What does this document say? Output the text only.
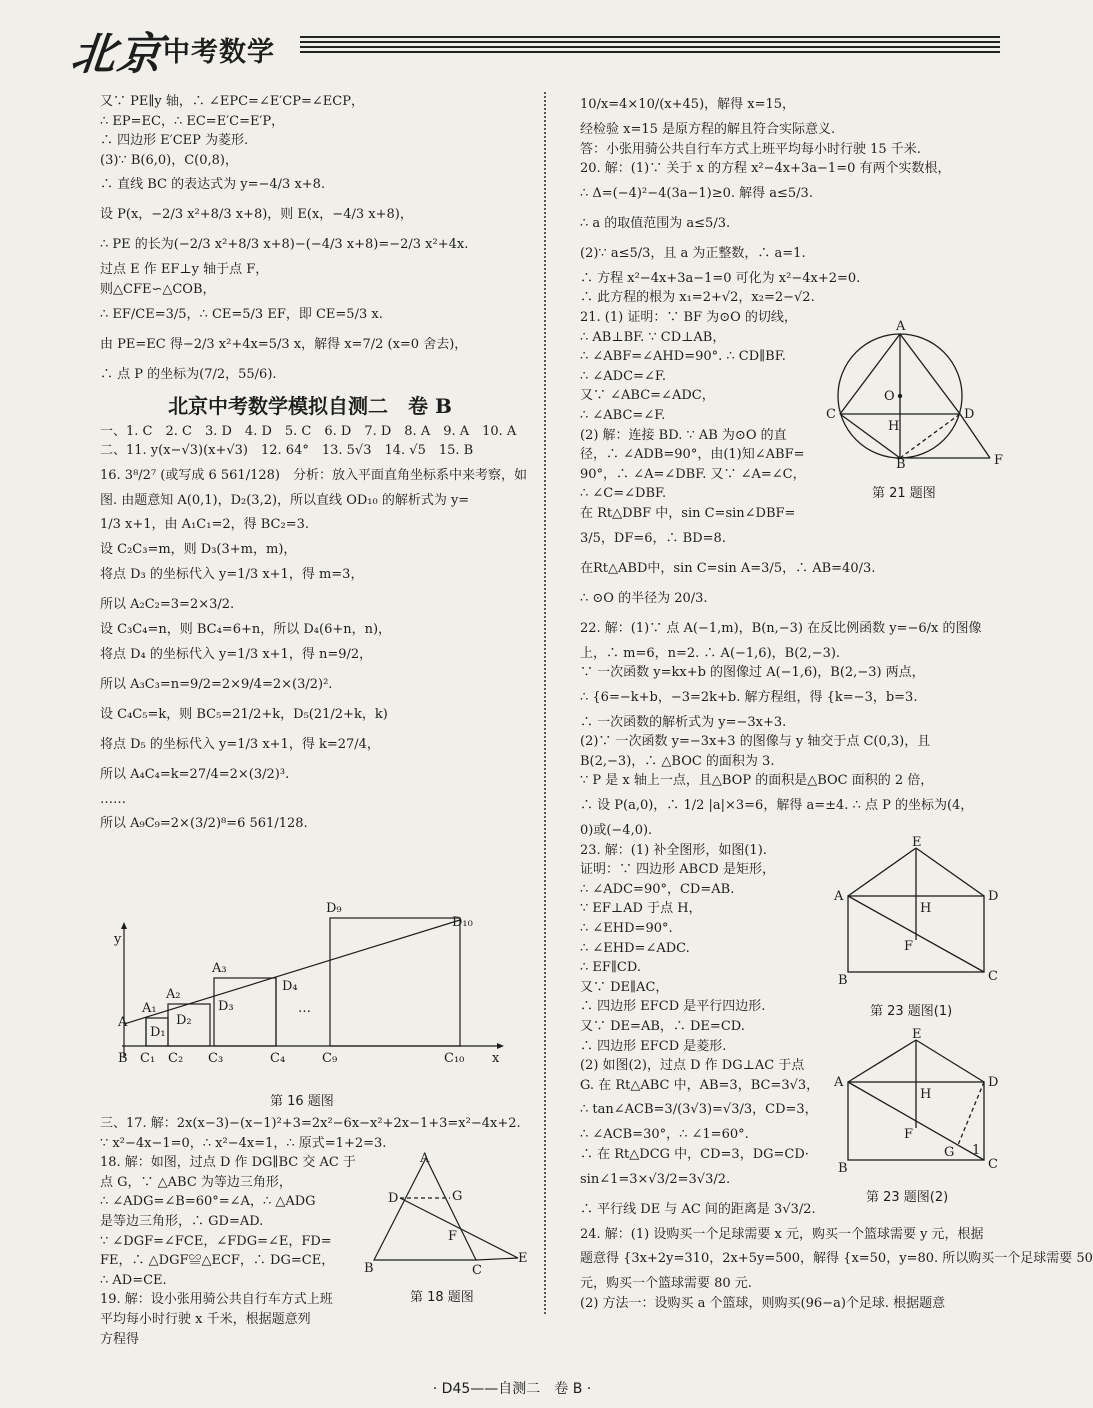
北京
中考数学
又∵ PE∥y 轴，∴ ∠EPC=∠E′CP=∠ECP，
∴ EP=EC，∴ EC=E′C=E′P，
∴ 四边形 E′CEP 为菱形.
(3)∵ B(6,0)，C(0,8)，
∴ 直线 BC 的表达式为 y=−4/3 x+8.
设 P(x，−2/3 x²+8/3 x+8)，则 E(x，−4/3 x+8)，
∴ PE 的长为(−2/3 x²+8/3 x+8)−(−4/3 x+8)=−2/3 x²+4x.
过点 E 作 EF⊥y 轴于点 F，
则△CFE∽△COB，
∴ EF/CE=3/5，∴ CE=5/3 EF，即 CE=5/3 x.
由 PE=EC 得−2/3 x²+4x=5/3 x，解得 x=7/2 (x=0 舍去)，
∴ 点 P 的坐标为(7/2，55/6).
北京中考数学模拟自测二　卷 B
一、1. C　2. C　3. D　4. D　5. C　6. D　7. D　8. A　9. A　10. A
二、11. y(x−√3)(x+√3)　12. 64°　13. 5√3　14. √5　15. B
16. 3⁸/2⁷ (或写成 6 561/128)　分析：放入平面直角坐标系中来考察，如
图. 由题意知 A(0,1)，D₂(3,2)，所以直线 OD₁₀ 的解析式为 y=
1/3 x+1，由 A₁C₁=2，得 BC₂=3.
设 C₂C₃=m，则 D₃(3+m，m)，
将点 D₃ 的坐标代入 y=1/3 x+1，得 m=3，
所以 A₂C₂=3=2×3/2.
设 C₃C₄=n，则 BC₄=6+n，所以 D₄(6+n，n)，
将点 D₄ 的坐标代入 y=1/3 x+1，得 n=9/2，
所以 A₃C₃=n=9/2=2×9/4=2×(3/2)².
设 C₄C₅=k，则 BC₅=21/2+k，D₅(21/2+k，k)
将点 D₅ 的坐标代入 y=1/3 x+1，得 k=27/4，
所以 A₄C₄=k=27/4=2×(3/2)³.
……
所以 A₉C₉=2×(3/2)⁸=6 561/128.
y
x
A
B
A₁
A₂
A₃
C₁ C₂ C₃	C₄	C₉	C₁₀
D₁
D₂
D₃
D₄
D₉
D₁₀
…
第 16 题图
三、17. 解：2x(x−3)−(x−1)²+3=2x²−6x−x²+2x−1+3=x²−4x+2.
∵ x²−4x−1=0，∴ x²−4x=1，∴ 原式=1+2=3.
18. 解：如图，过点 D 作 DG∥BC 交 AC 于
点 G，∵ △ABC 为等边三角形，
∴ ∠ADG=∠B=60°=∠A，∴ △ADG
是等边三角形，∴ GD=AD.
∵ ∠DGF=∠FCE，∠FDG=∠E，FD=
FE，∴ △DGF≌△ECF，∴ DG=CE，
∴ AD=CE.
19. 解：设小张用骑公共自行车方式上班
平均每小时行驶 x 千米，根据题意列
方程得
A
D	G
F
B	C
E
第 18 题图
10/x=4×10/(x+45)，解得 x=15，
经检验 x=15 是原方程的解且符合实际意义.
答：小张用骑公共自行车方式上班平均每小时行驶 15 千米.
20. 解：(1)∵ 关于 x 的方程 x²−4x+3a−1=0 有两个实数根，
∴ Δ=(−4)²−4(3a−1)≥0. 解得 a≤5/3.
∴ a 的取值范围为 a≤5/3.
(2)∵ a≤5/3，且 a 为正整数，∴ a=1.
∴ 方程 x²−4x+3a−1=0 可化为 x²−4x+2=0.
∴ 此方程的根为 x₁=2+√2，x₂=2−√2.
21. (1) 证明：∵ BF 为⊙O 的切线，
∴ AB⊥BF. ∵ CD⊥AB，
∴ ∠ABF=∠AHD=90°. ∴ CD∥BF.
∴ ∠ADC=∠F.
又∵ ∠ABC=∠ADC，
∴ ∠ABC=∠F.
(2) 解：连接 BD. ∵ AB 为⊙O 的直
径，∴ ∠ADB=90°，由(1)知∠ABF=
90°，∴ ∠A=∠DBF. 又∵ ∠A=∠C，
∴ ∠C=∠DBF.
在 Rt△DBF 中，sin C=sin∠DBF=
3/5，DF=6，∴ BD=8.
在Rt△ABD中，sin C=sin A=3/5，∴ AB=40/3.
∴ ⊙O 的半径为 20/3.
22. 解：(1)∵ 点 A(−1,m)，B(n,−3) 在反比例函数 y=−6/x 的图像
上，∴ m=6，n=2. ∴ A(−1,6)，B(2,−3).
∵ 一次函数 y=kx+b 的图像过 A(−1,6)，B(2,−3) 两点，
∴ {6=−k+b，−3=2k+b. 解方程组，得 {k=−3，b=3.
∴ 一次函数的解析式为 y=−3x+3.
(2)∵ 一次函数 y=−3x+3 的图像与 y 轴交于点 C(0,3)，且
B(2,−3)，∴ △BOC 的面积为 3.
∵ P 是 x 轴上一点，且△BOP 的面积是△BOC 面积的 2 倍，
∴ 设 P(a,0)，∴ 1/2 |a|×3=6，解得 a=±4. ∴ 点 P 的坐标为(4，
0)或(−4,0).
23. 解：(1) 补全图形，如图(1).
证明：∵ 四边形 ABCD 是矩形，
∴ ∠ADC=90°，CD=AB.
∵ EF⊥AD 于点 H，
∴ ∠EHD=90°.
∴ ∠EHD=∠ADC.
∴ EF∥CD.
又∵ DE∥AC，
∴ 四边形 EFCD 是平行四边形.
又∵ DE=AB，∴ DE=CD.
∴ 四边形 EFCD 是菱形.
(2) 如图(2)，过点 D 作 DG⊥AC 于点
G. 在 Rt△ABC 中，AB=3，BC=3√3，
∴ tan∠ACB=3/(3√3)=√3/3，CD=3，
∴ ∠ACB=30°，∴ ∠1=60°.
∴ 在 Rt△DCG 中，CD=3，DG=CD·
sin∠1=3×√3/2=3√3/2.
∴ 平行线 DE 与 AC 间的距离是 3√3/2.
24. 解：(1) 设购买一个足球需要 x 元，购买一个篮球需要 y 元，根据
题意得 {3x+2y=310，2x+5y=500，解得 {x=50，y=80. 所以购买一个足球需要 50
元，购买一个篮球需要 80 元.
(2) 方法一：设购买 a 个篮球，则购买(96−a)个足球. 根据题意
A
O
C
H
D
B	F
第 21 题图
E
A	D
H
F
B	C
第 23 题图(1)
E
A	D
H
F
B	C
G 1
第 23 题图(2)
· D45——自测二　卷 B ·
